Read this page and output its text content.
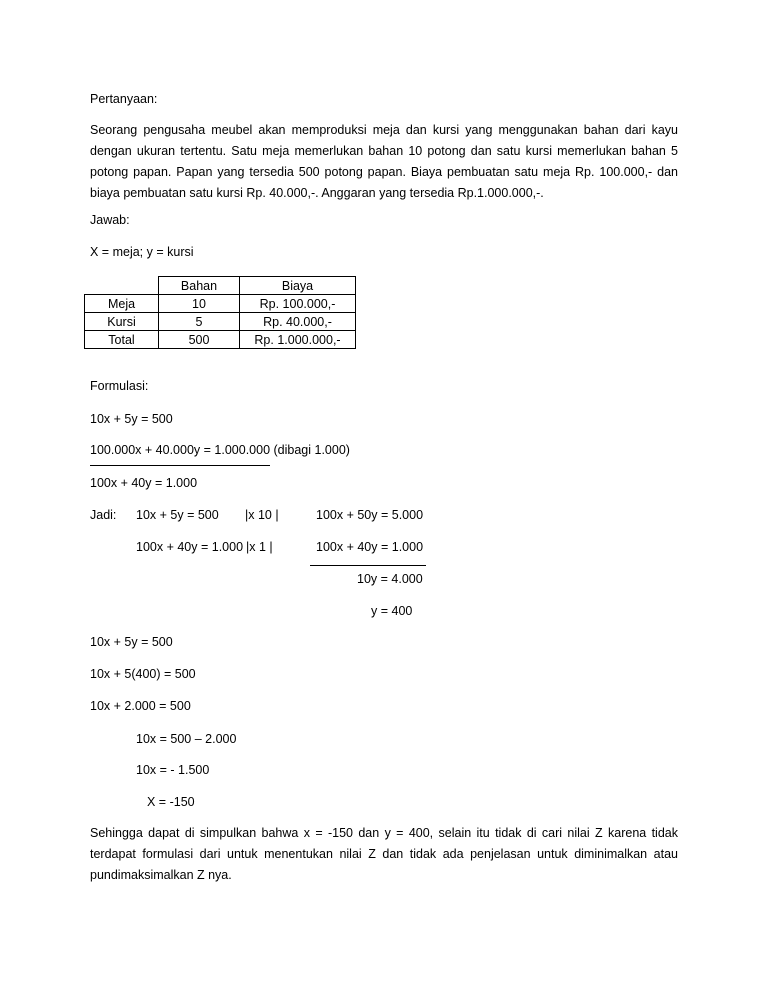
Pertanyaan:
Seorang pengusaha meubel akan memproduksi meja dan kursi yang menggunakan bahan dari kayu dengan ukuran tertentu. Satu meja memerlukan bahan 10 potong dan satu kursi memerlukan bahan 5 potong papan. Papan yang tersedia 500 potong papan. Biaya pembuatan satu meja Rp. 100.000,- dan biaya pembuatan satu kursi Rp. 40.000,-. Anggaran yang tersedia Rp.1.000.000,-.
Jawab:
X = meja; y = kursi
	Bahan	Biaya
Meja	10	Rp. 100.000,-
Kursi	5	Rp. 40.000,-
Total	500	Rp. 1.000.000,-
Formulasi:
10x + 5y = 500
100.000x + 40.000y = 1.000.000 (dibagi 1.000)
100x + 40y = 1.000
Jadi: 10x + 5y = 500 |x 10 |	100x + 50y = 5.000
100x + 40y = 1.000 |x 1 |	100x + 40y = 1.000
10y = 4.000
y = 400
10x + 5y = 500
10x + 5(400) = 500
10x + 2.000 = 500
10x = 500 – 2.000
10x = - 1.500
X = -150
Sehingga dapat di simpulkan bahwa x = -150 dan y = 400, selain itu tidak di cari nilai Z karena tidak terdapat formulasi dari untuk menentukan nilai Z dan tidak ada penjelasan untuk diminimalkan atau pundimaksimalkan Z nya.
